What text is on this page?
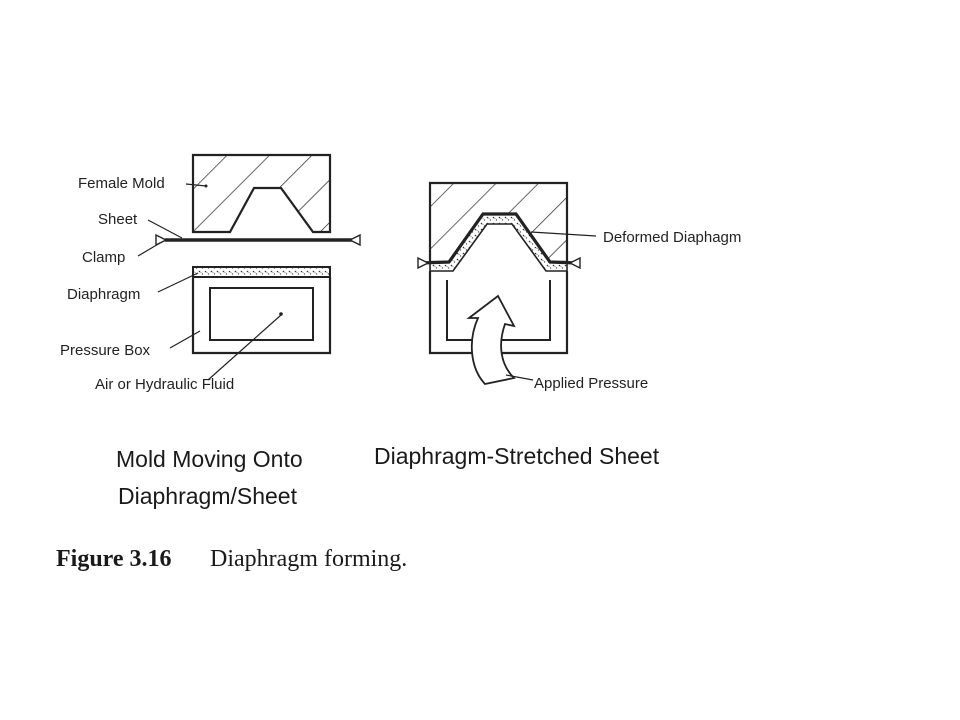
Female Mold
Sheet
Clamp
Diaphragm
Pressure Box
Air or Hydraulic Fluid
Mold Moving Onto
Diaphragm/Sheet
Deformed Diaphagm
Applied Pressure
Diaphragm-Stretched Sheet
Figure 3.16 Diaphragm forming.
